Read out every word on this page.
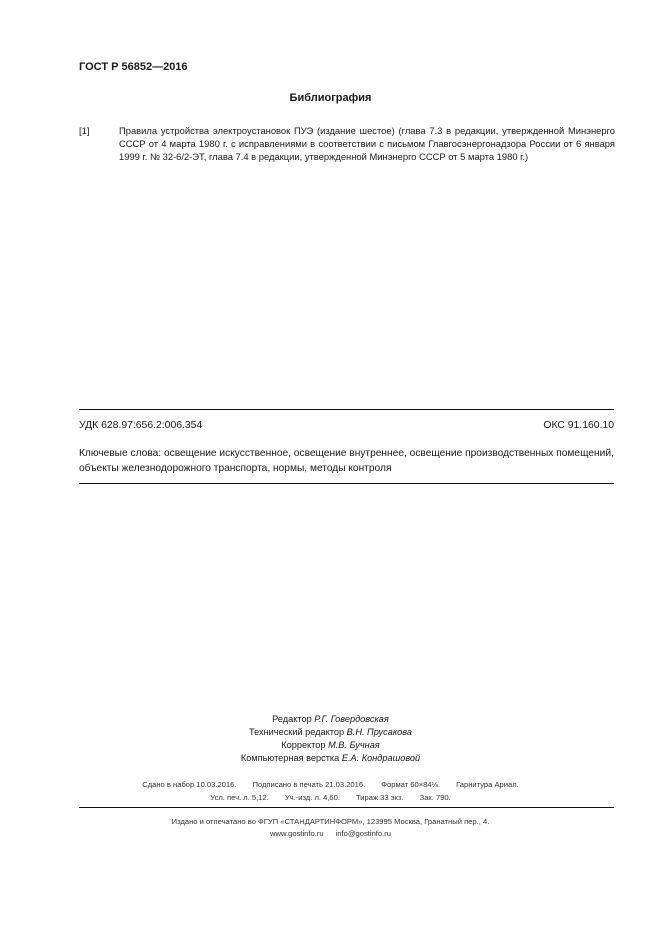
ГОСТ Р 56852—2016
Библиография
[1]	Правила устройства электроустановок ПУЭ (издание шестое) (глава 7.3 в редакции, утвержденной Минэнерго СССР от 4 марта 1980 г. с исправлениями в соответствии с письмом Главгосэнергонадзора России от 6 января 1999 г. № 32-6/2-ЭТ, глава 7.4 в редакции, утвержденной Минэнерго СССР от 5 марта 1980 г.)
УДК 628.97:656.2:006.354	ОКС 91.160.10
Ключевые слова: освещение искусственное, освещение внутреннее, освещение производственных помещений, объекты железнодорожного транспорта, нормы, методы контроля
Редактор Р.Г. Говердовская
Технический редактор В.Н. Прусакова
Корректор М.В. Бучная
Компьютерная верстка Е.А. Кондрашовой
Сдано в набор 10.03.2016. Подписано в печать 21.03.2016. Формат 60×84⅛. Гарнитура Ариал.
Усл. печ. л. 5,12. Уч.-изд. л. 4,60. Тираж 33 экз. Зак. 790.
Издано и отпечатано во ФГУП «СТАНДАРТИНФОРМ», 123995 Москва, Гранатный пер., 4.
www.gostinfo.ru info@gostinfo.ru
